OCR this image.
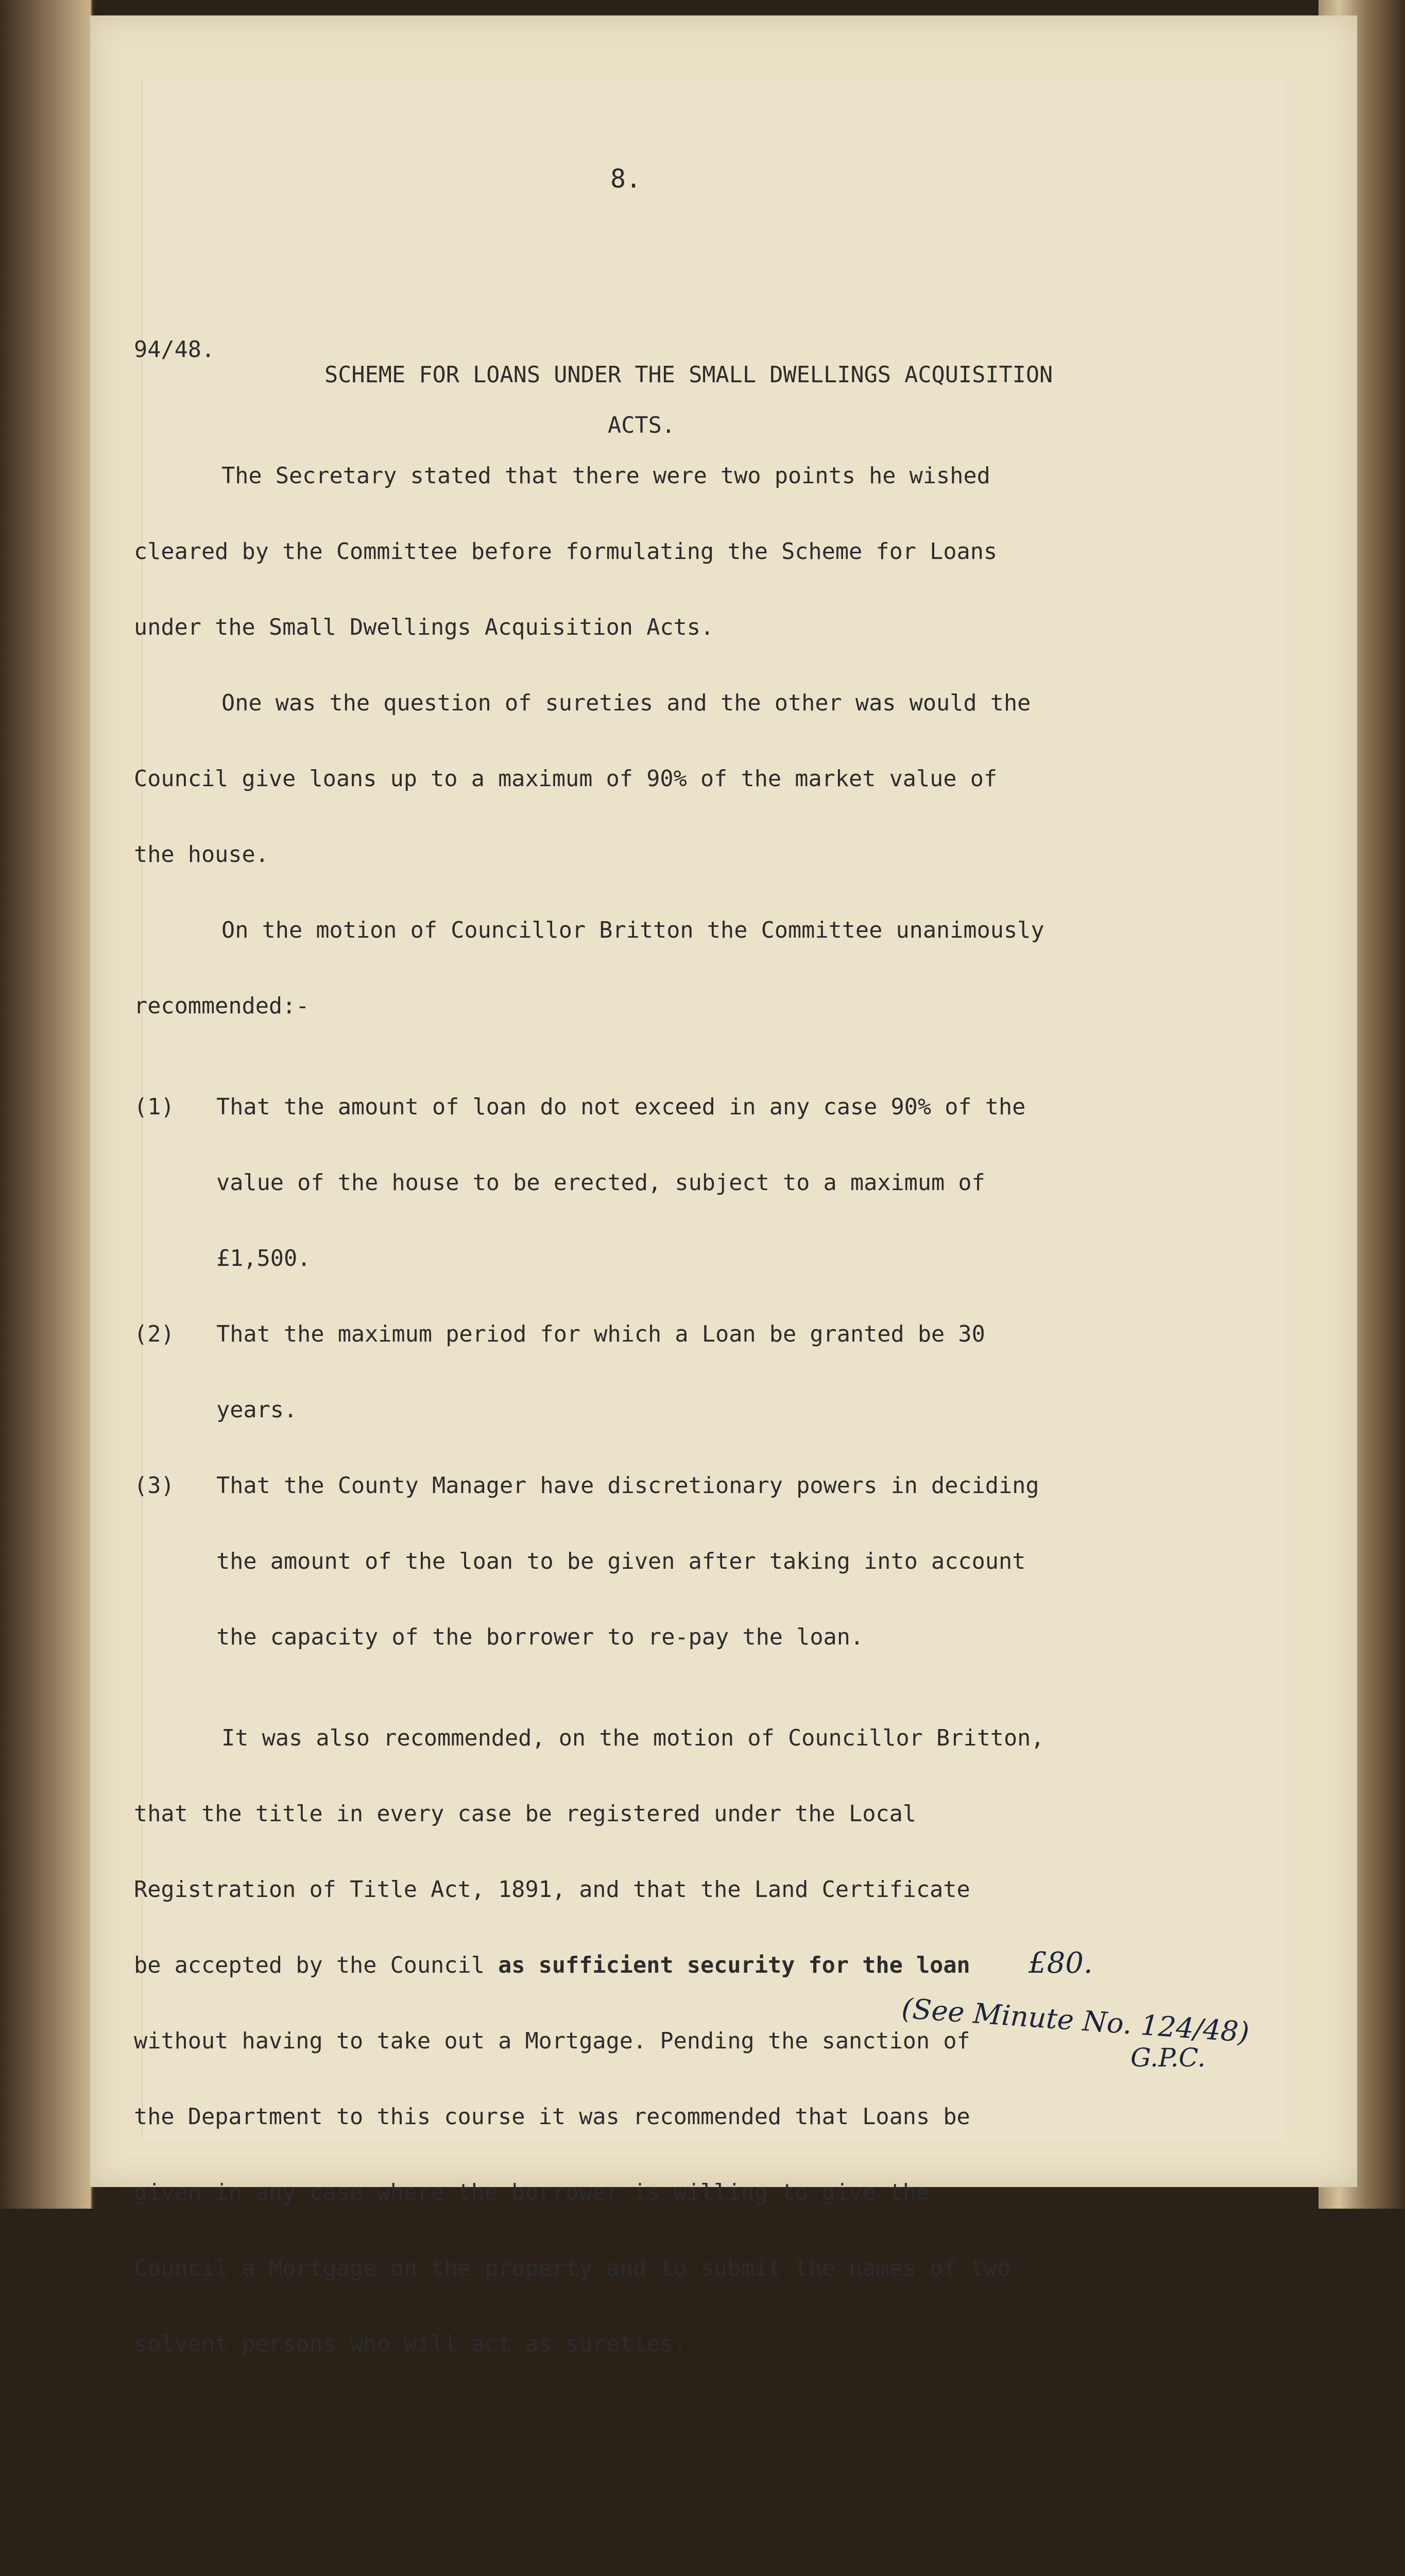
8.

94/48.

SCHEME FOR LOANS UNDER THE SMALL DWELLINGS ACQUISITION

ACTS.

The Secretary stated that there were two points he wished

cleared by the Committee before formulating the Scheme for Loans

under the Small Dwellings Acquisition Acts.

One was the question of sureties and the other was would the

Council give loans up to a maximum of 90% of the market value of

the house.

On the motion of Councillor Britton the Committee unanimously

recommended:-

(1) That the amount of loan do not exceed in any case 90% of the

value of the house to be erected, subject to a maximum of

£1,500.

(2) That the maximum period for which a Loan be granted be 30

years.

(3) That the County Manager have discretionary powers in deciding

the amount of the loan to be given after taking into account

the capacity of the borrower to re-pay the loan.

It was also recommended, on the motion of Councillor Britton,

that the title in every case be registered under the Local

Registration of Title Act, 1891, and that the Land Certificate

be accepted by the Council as sufficient security for the loan

without having to take out a Mortgage. Pending the sanction of

the Department to this course it was recommended that Loans be

given in any case where the borrower is willing to give the

Council a Mortgage on the property and to submit the names of two

solvent persons who will act as sureties.

£80.
(See Minute No. 124/48)
G.P.C.
